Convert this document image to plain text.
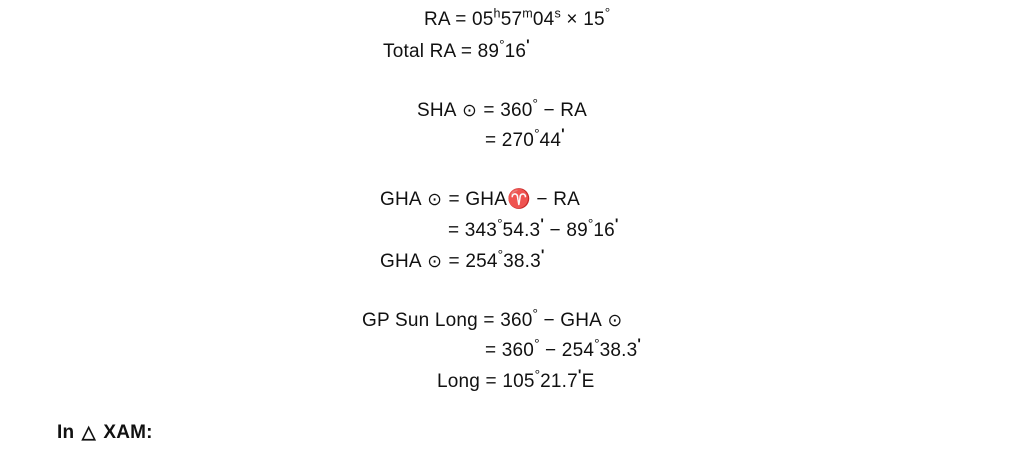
RA = $05^h57^m04^s \times 15^\circ$
Total RA = 89°16'
SHA ⊙ = 360° − RA
= 270°44'
GHA ⊙ = GHA♈ − RA
= 343°54.3' − 89°16'
GHA ⊙ = 254°38.3'
GP Sun Long = 360° − GHA ⊙
= 360° − 254°38.3'
Long = 105°21.7'E
In △ XAM:
